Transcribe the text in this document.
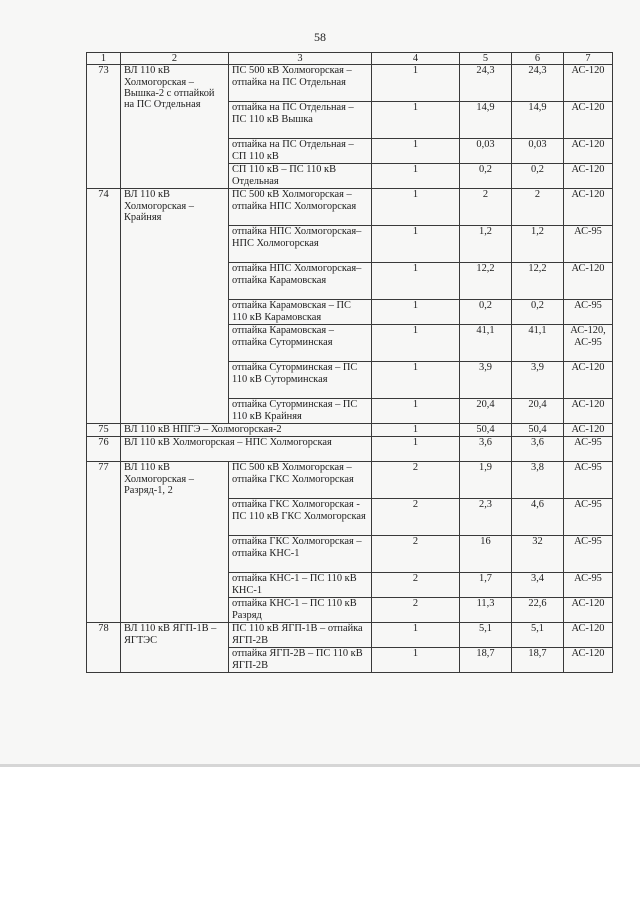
58
1	2	3	4	5	6	7
73	ВЛ 110 кВ Холмогорская – Вышка-2 с отпайкой на ПС Отдельная	ПС 500 кВ Холмогорская – отпайка на ПС Отдельная	1	24,3	24,3	АС-120
		отпайка на ПС Отдельная – ПС 110 кВ Вышка	1	14,9	14,9	АС-120
		отпайка на ПС Отдельная – СП 110 кВ	1	0,03	0,03	АС-120
		СП 110 кВ – ПС 110 кВ Отдельная	1	0,2	0,2	АС-120
74	ВЛ 110 кВ Холмогорская – Крайняя	ПС 500 кВ Холмогорская – отпайка НПС Холмогорская	1	2	2	АС-120
		отпайка НПС Холмогорская– НПС Холмогорская	1	1,2	1,2	АС-95
		отпайка НПС Холмогорская– отпайка Карамовская	1	12,2	12,2	АС-120
		отпайка Карамовская – ПС 110 кВ Карамовская	1	0,2	0,2	АС-95
		отпайка Карамовская – отпайка Суторминская	1	41,1	41,1	АС-120, АС-95
		отпайка Суторминская – ПС 110 кВ Суторминская	1	3,9	3,9	АС-120
		отпайка Суторминская – ПС 110 кВ Крайняя	1	20,4	20,4	АС-120
75	ВЛ 110 кВ НПГЭ – Холмогорская-2		1	50,4	50,4	АС-120
76	ВЛ 110 кВ Холмогорская – НПС Холмогорская		1	3,6	3,6	АС-95
77	ВЛ 110 кВ Холмогорская – Разряд-1, 2	ПС 500 кВ Холмогорская – отпайка ГКС Холмогорская	2	1,9	3,8	АС-95
		отпайка ГКС Холмогорская - ПС 110 кВ ГКС Холмогорская	2	2,3	4,6	АС-95
		отпайка ГКС Холмогорская – отпайка КНС-1	2	16	32	АС-95
		отпайка КНС-1 – ПС 110 кВ КНС-1	2	1,7	3,4	АС-95
		отпайка КНС-1 – ПС 110 кВ Разряд	2	11,3	22,6	АС-120
78	ВЛ 110 кВ ЯГП-1В – ЯГТЭС	ПС 110 кВ ЯГП-1В – отпайка ЯГП-2В	1	5,1	5,1	АС-120
		отпайка ЯГП-2В – ПС 110 кВ ЯГП-2В	1	18,7	18,7	АС-120
